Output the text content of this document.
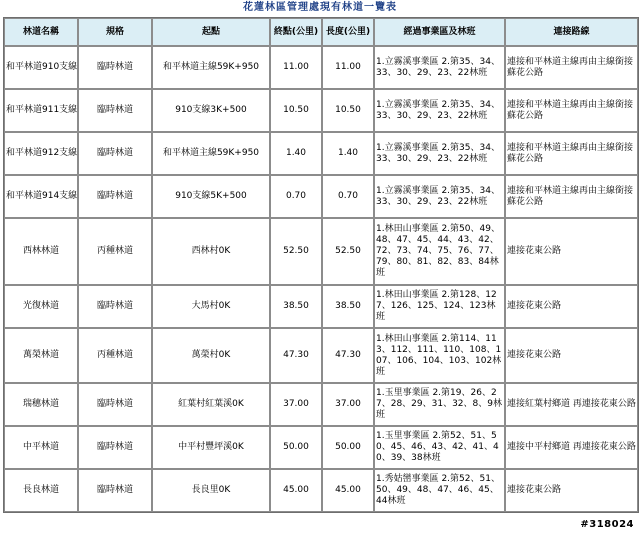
花蓮林區管理處現有林道一覽表
林道名稱	規格	起點	終點(公里)	長度(公里)	經過事業區及林班	連接路線
和平林道910支線	臨時林道	和平林道主線59K+950	11.00	11.00	1.立霧溪事業區 2.第35、34、33、30、29、23、22林班	連接和平林道主線再由主線銜接蘇花公路
和平林道911支線	臨時林道	910支線3K+500	10.50	10.50	1.立霧溪事業區 2.第35、34、33、30、29、23、22林班	連接和平林道主線再由主線銜接蘇花公路
和平林道912支線	臨時林道	和平林道主線59K+950	1.40	1.40	1.立霧溪事業區 2.第35、34、33、30、29、23、22林班	連接和平林道主線再由主線銜接蘇花公路
和平林道914支線	臨時林道	910支線5K+500	0.70	0.70	1.立霧溪事業區 2.第35、34、33、30、29、23、22林班	連接和平林道主線再由主線銜接蘇花公路
西林林道	丙種林道	西林村0K	52.50	52.50	1.林田山事業區 2.第50、49、48、47、45、44、43、42、72、73、74、75、76、77、79、80、81、82、83、84林班	連接花東公路
光復林道	臨時林道	大馬村0K	38.50	38.50	1.林田山事業區 2.第128、127、126、125、124、123林班	連接花東公路
萬榮林道	丙種林道	萬榮村0K	47.30	47.30	1.林田山事業區 2.第114、113、112、111、110、108、107、106、104、103、102林班	連接花東公路
瑞穗林道	臨時林道	紅葉村紅葉溪0K	37.00	37.00	1.玉里事業區 2.第19、26、27、28、29、31、32、8、9林班	連接紅葉村鄉道 再連接花東公路
中平林道	臨時林道	中平村豐坪溪0K	50.00	50.00	1.玉里事業區 2.第52、51、50、45、46、43、42、41、40、39、38林班	連接中平村鄉道 再連接花東公路
長良林道	臨時林道	長良里0K	45.00	45.00	1.秀姑巒事業區 2.第52、51、50、49、48、47、46、45、44林班	連接花東公路
#318024
